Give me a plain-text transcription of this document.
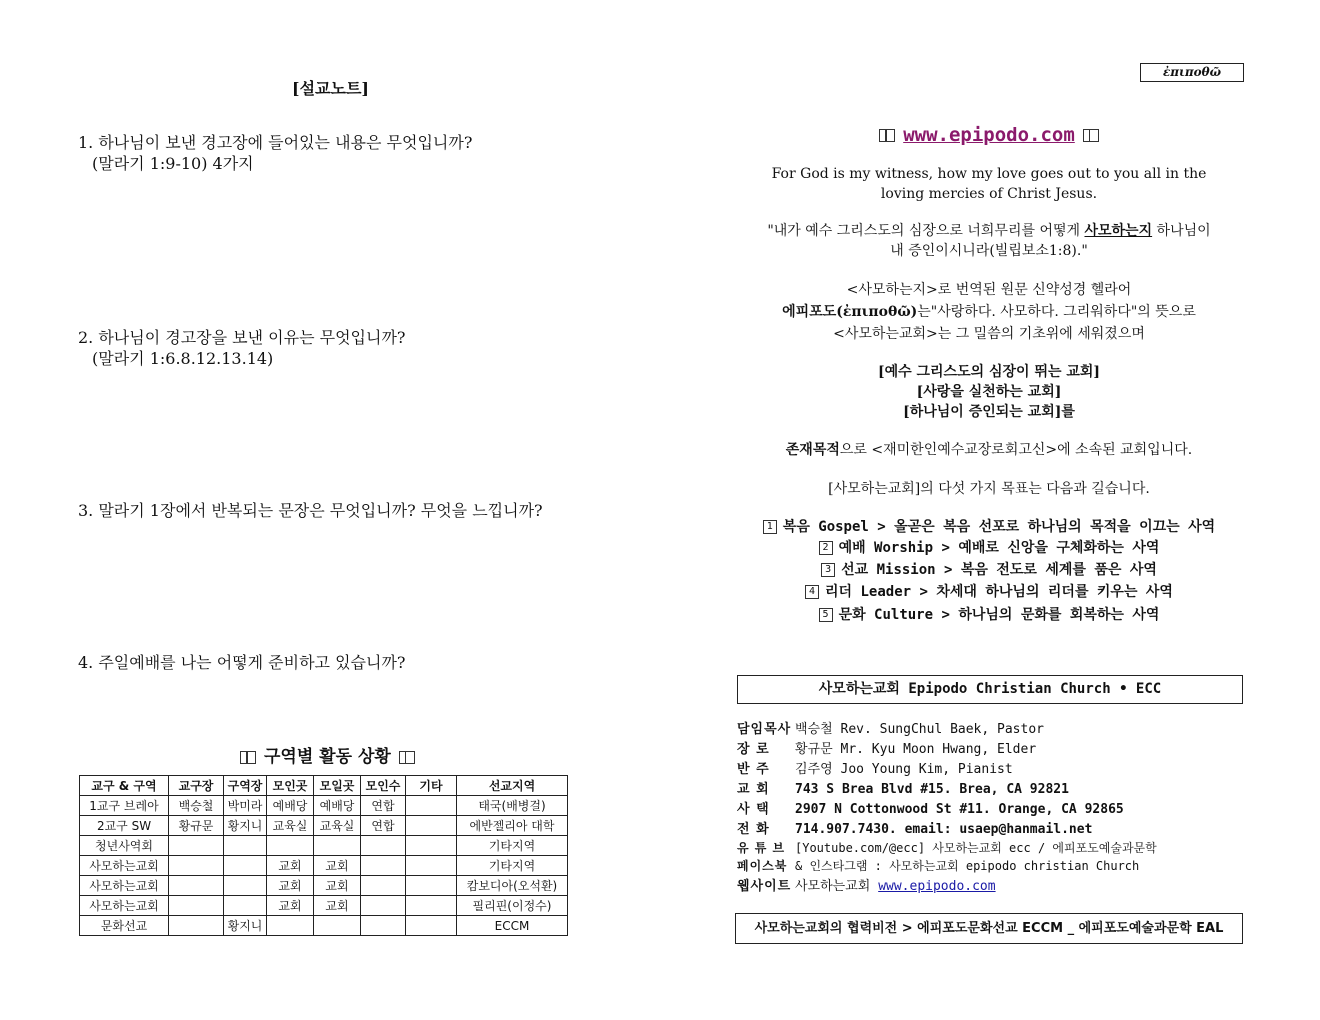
[설교노트]
1. 하나님이 보낸 경고장에 들어있는 내용은 무엇입니까?
(말라기 1:9-10) 4가지
2. 하나님이 경고장을 보낸 이유는 무엇입니까?
(말라기 1:6.8.12.13.14)
3. 말라기 1장에서 반복되는 문장은 무엇입니까? 무엇을 느낍니까?
4. 주일예배를 나는 어떻게 준비하고 있습니까?
구역별 활동 상황
교구 & 구역	교구장	구역장	모인곳	모일곳	모인수	기타	선교지역
1교구 브레아	백승철	박미라	예배당	예배당	연합		태국(배병걸)
2교구 SW	황규문	황지니	교육실	교육실	연합		에반젤리아 대학
청년사역회							기타지역
사모하는교회			교회	교회			기타지역
사모하는교회			교회	교회			캄보디아(오석환)
사모하는교회			교회	교회			필리핀(이정수)
문화선교		황지니					ECCM
ἐπιποθῶ
www.epipodo.com
For God is my witness, how my love goes out to you all in the
loving mercies of Christ Jesus.
"내가 예수 그리스도의 심장으로 너희무리를 어떻게 사모하는지 하나님이
내 증인이시니라(빌립보소1:8)."
<사모하는지>로 번역된 원문 신약성경 헬라어
에피포도(ἐπιποθῶ)는"사랑하다. 사모하다. 그리워하다"의 뜻으로
<사모하는교회>는 그 밀씀의 기초위에 세워졌으며
[예수 그리스도의 심장이 뛰는 교회]
[사랑을 실천하는 교회]
[하나님이 증인되는 교회]를
존재목적으로 <재미한인예수교장로회고신>에 소속된 교회입니다.
[사모하는교회]의 다섯 가지 목표는 다음과 길습니다.
1 복음 Gospel > 올곧은 복음 선포로 하나님의 목적을 이끄는 사역
2 예배 Worship > 예배로 신앙을 구체화하는 사역
3 선교 Mission > 복음 전도로 세계를 품은 사역
4 리더 Leader > 차세대 하나님의 리더를 키우는 사역
5 문화 Culture > 하나님의 문화를 회복하는 사역
사모하는교회 Epipodo Christian Church • ECC
담임목사 백승철 Rev. SungChul Baek, Pastor
장 로 황규문 Mr. Kyu Moon Hwang, Elder
반 주 김주영 Joo Young Kim, Pianist
교 회 743 S Brea Blvd #15. Brea, CA 92821
사 택 2907 N Cottonwood St #11. Orange, CA 92865
전 화 714.907.7430. email: usaep@hanmail.net
유 튜 브 [Youtube.com/@ecc] 사모하는교회 ecc / 에피포도예술과문학
페이스북 & 인스타그램 : 사모하는교회 epipodo christian Church
웹사이트 사모하는교회 www.epipodo.com
사모하는교회의 협력비전 > 에피포도문화선교 ECCM _ 에피포도예술과문학 EAL
